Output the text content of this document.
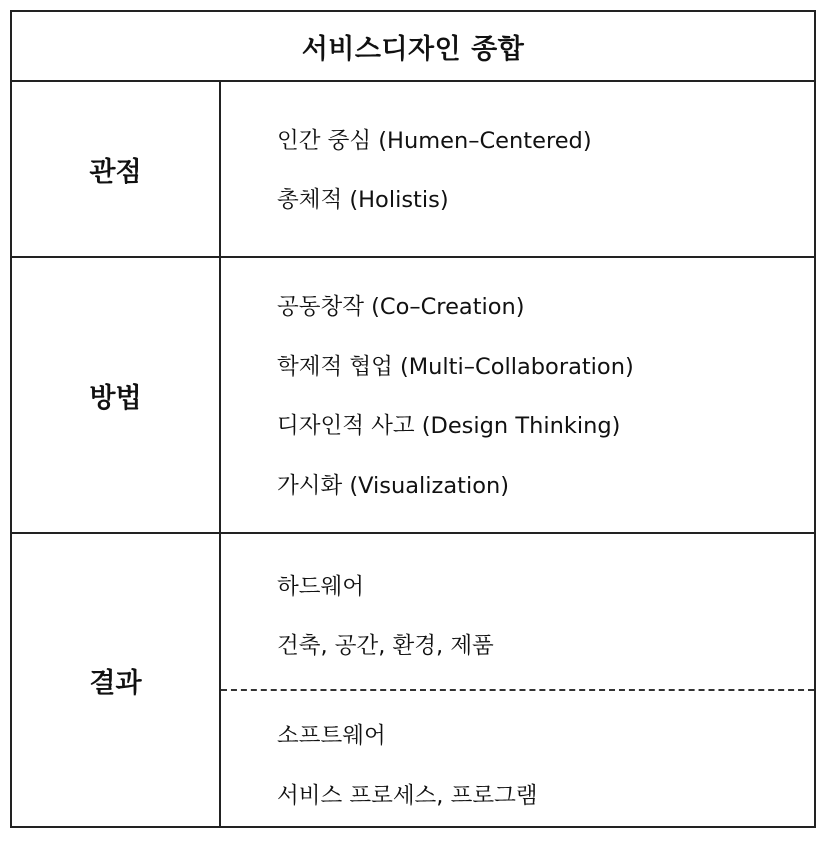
서비스디자인 종합
관점
인간 중심 (Humen–Centered)
총체적 (Holistis)
방법
공동창작 (Co–Creation)
학제적 협업 (Multi–Collaboration)
디자인적 사고 (Design Thinking)
가시화 (Visualization)
결과
하드웨어
건축, 공간, 환경, 제품
소프트웨어
서비스 프로세스, 프로그램
